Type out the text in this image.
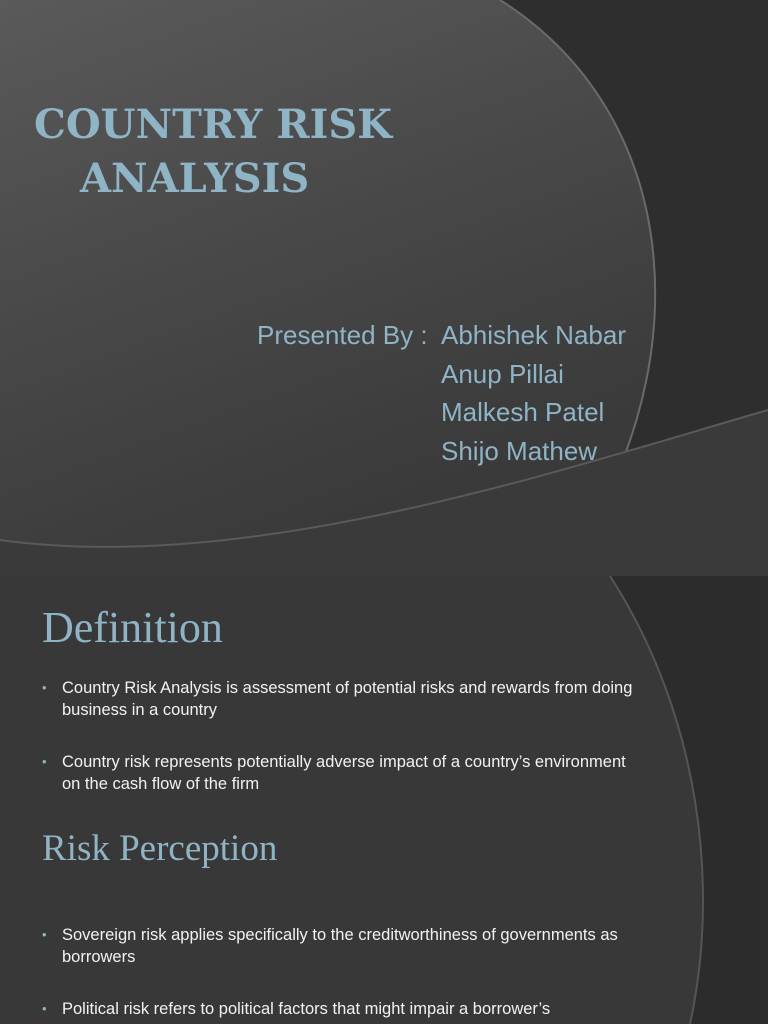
COUNTRY RISK
ANALYSIS
Presented By : Abhishek Nabar
Anup Pillai
Malkesh Patel
Shijo Mathew
Definition
• Country Risk Analysis is assessment of potential risks and rewards from doing business in a country
• Country risk represents potentially adverse impact of a country’s environment on the cash flow of the firm
Risk Perception
• Sovereign risk applies specifically to the creditworthiness of governments as borrowers
• Political risk refers to political factors that might impair a borrower’s
